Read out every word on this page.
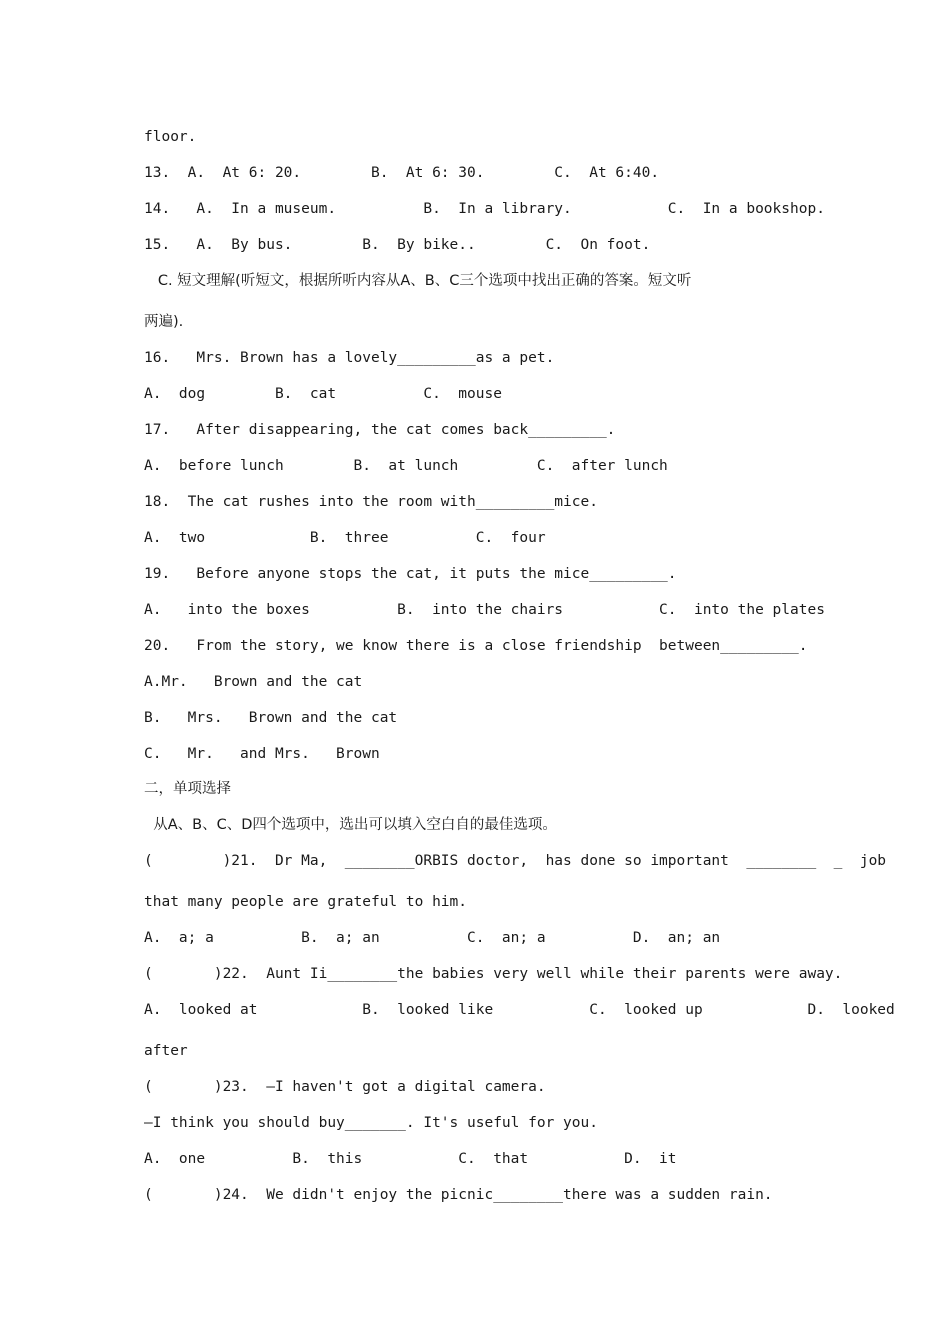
floor.
13.  A.  At 6: 20.        B.  At 6: 30.        C.  At 6:40.
14.   A.  In a museum.          B.  In a library.           C.  In a bookshop.
15.   A.  By bus.        B.  By bike..        C.  On foot.
C. 短文理解(听短文，根据所听内容从A、B、C三个选项中找出正确的答案。短文听
两遍).
16.   Mrs. Brown has a lovely_________as a pet.
A.  dog        B.  cat          C.  mouse
17.   After disappearing, the cat comes back_________.
A.  before lunch        B.  at lunch         C.  after lunch
18.  The cat rushes into the room with_________mice.
A.  two            B.  three          C.  four
19.   Before anyone stops the cat, it puts the mice_________.
A.   into the boxes          B.  into the chairs           C.  into the plates
20.   From the story, we know there is a close friendship  between_________.
A.Mr.   Brown and the cat
B.   Mrs.   Brown and the cat
C.   Mr.   and Mrs.   Brown
二，单项选择
从A、B、C、D四个选项中，选出可以填入空白自的最佳选项。
(        )21.  Dr Ma,  ________ORBIS doctor,  has done so important  ________  _  job
that many people are grateful to him.
A.  a; a          B.  a; an          C.  an; a          D.  an; an
(       )22.  Aunt Ii________the babies very well while their parents were away.
A.  looked at            B.  looked like           C.  looked up            D.  looked
after
(       )23.  —I haven't got a digital camera.
—I think you should buy_______. It's useful for you.
A.  one          B.  this           C.  that           D.  it
(       )24.  We didn't enjoy the picnic________there was a sudden rain.
